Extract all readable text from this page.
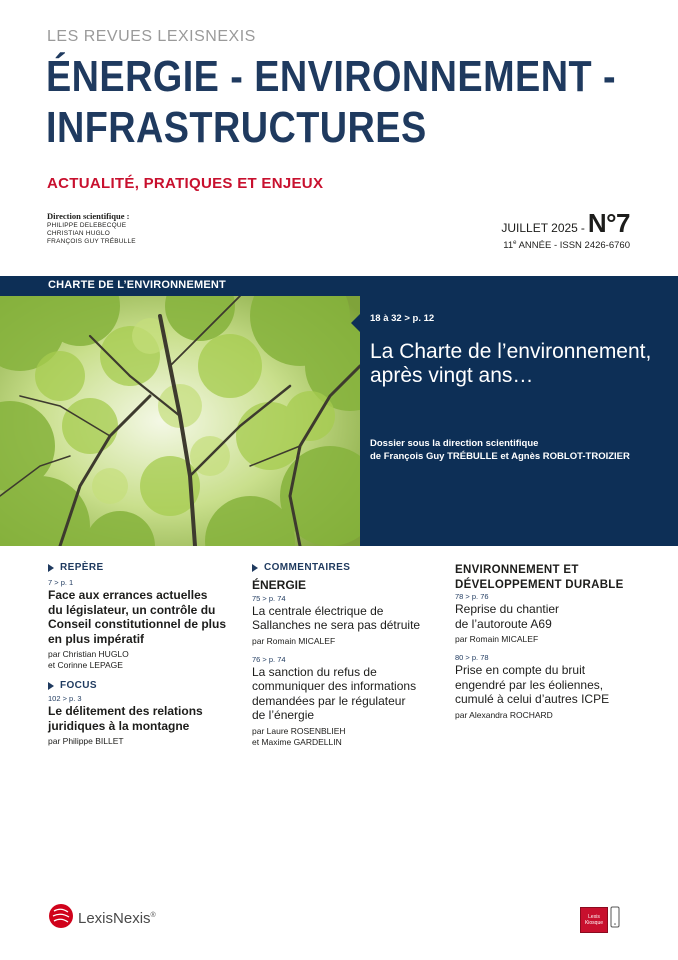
LES REVUES LEXISNEXIS
ÉNERGIE - ENVIRONNEMENT -
INFRASTRUCTURES
ACTUALITÉ, PRATIQUES ET ENJEUX
Direction scientifique :
PHILIPPE DELEBECQUE
CHRISTIAN HUGLO
FRANÇOIS GUY TRÉBULLE
JUILLET 2025 - N°7
11e ANNÉE - ISSN 2426-6760
CHARTE DE L’ENVIRONNEMENT
18 à 32 > p. 12
La Charte de l’environnement, après vingt ans…
Dossier sous la direction scientifique
de François Guy TRÉBULLE et Agnès ROBLOT-TROIZIER
REPÈRE
7 > p. 1
Face aux errances actuelles
du législateur, un contrôle du
Conseil constitutionnel de plus
en plus impératif
par Christian HUGLO
et Corinne LEPAGE
FOCUS
102 > p. 3
Le délitement des relations
juridiques à la montagne
par Philippe BILLET
COMMENTAIRES
ÉNERGIE
75 > p. 74
La centrale électrique de
Sallanches ne sera pas détruite
par Romain MICALEF
76 > p. 74
La sanction du refus de
communiquer des informations
demandées par le régulateur
de l’énergie
par Laure ROSENBLIEH
et Maxime GARDELLIN
ENVIRONNEMENT ET
DÉVELOPPEMENT DURABLE
78 > p. 76
Reprise du chantier
de l’autoroute A69
par Romain MICALEF
80 > p. 78
Prise en compte du bruit
engendré par les éoliennes,
cumulé à celui d’autres ICPE
par Alexandra ROCHARD
LexisNexis®	Lexis Kiosque
